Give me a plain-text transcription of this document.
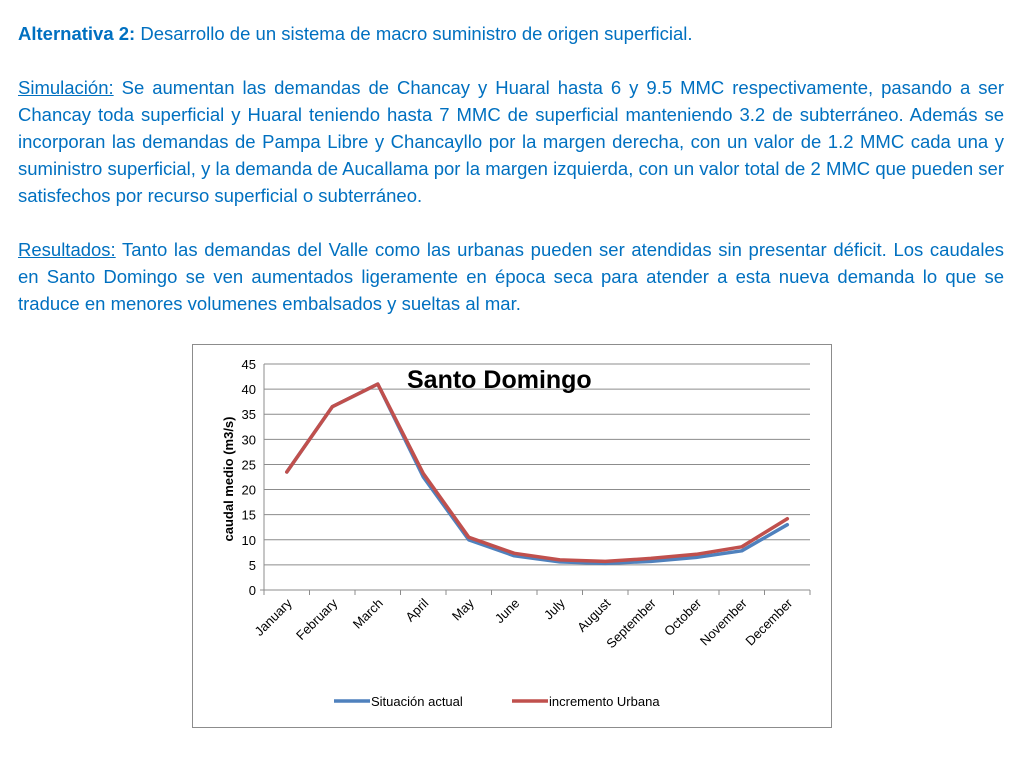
Alternativa 2: Desarrollo de un sistema de macro suministro de origen superficial.

Simulación: Se aumentan las demandas de Chancay y Huaral hasta 6 y 9.5 MMC respectivamente, pasando a ser Chancay toda superficial y Huaral teniendo hasta 7 MMC de superficial manteniendo 3.2 de subterráneo. Además se incorporan las demandas de Pampa Libre y Chancayllo por la margen derecha, con un valor de 1.2 MMC cada una y suministro superficial, y la demanda de Aucallama por la margen izquierda, con un valor total de 2 MMC que pueden ser satisfechos por recurso superficial o subterráneo.

Resultados: Tanto las demandas del Valle como las urbanas pueden ser atendidas sin presentar déficit. Los caudales en Santo Domingo se ven aumentados ligeramente en época seca para atender a esta nueva demanda lo que se traduce en menores volumenes embalsados y sueltas al mar.

0
5
10
15
20
25
30
35
40
45
January
February March April May June July August
September October
November
December
Santo Domingo
caudal medio (m3/s)
Situación actual	incremento Urbana
